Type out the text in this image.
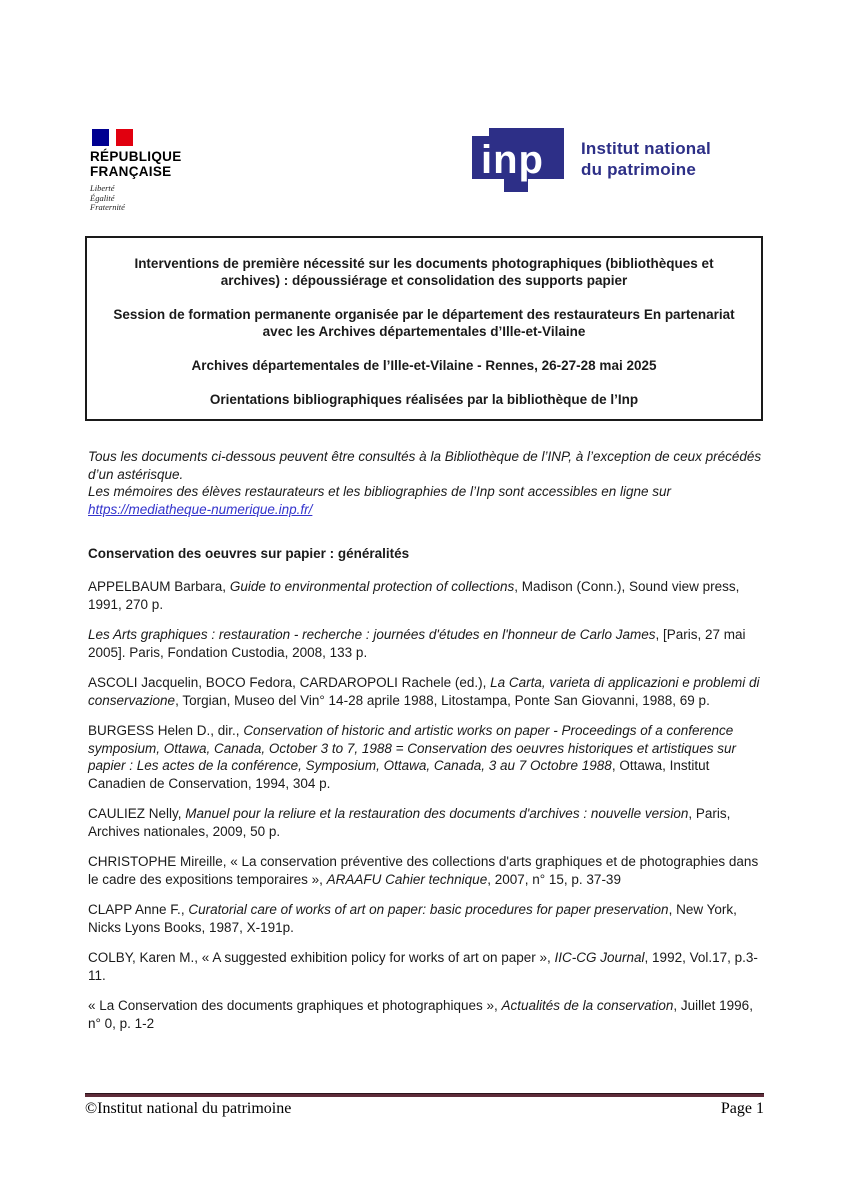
RÉPUBLIQUE
FRANÇAISE
Liberté
Égalité
Fraternité
inp Institut national
du patrimoine

Interventions de première nécessité sur les documents photographiques (bibliothèques et archives) : dépoussiérage et consolidation des supports papier

Session de formation permanente organisée par le département des restaurateurs En partenariat avec les Archives départementales d’Ille-et-Vilaine

Archives départementales de l’Ille-et-Vilaine - Rennes, 26-27-28 mai 2025

Orientations bibliographiques réalisées par la bibliothèque de l’Inp

Tous les documents ci-dessous peuvent être consultés à la Bibliothèque de l’INP, à l’exception de ceux précédés d’un astérisque.
Les mémoires des élèves restaurateurs et les bibliographies de l’Inp sont accessibles en ligne sur
https://mediatheque-numerique.inp.fr/
Conservation des oeuvres sur papier : généralités

APPELBAUM Barbara, Guide to environmental protection of collections, Madison (Conn.), Sound view press, 1991, 270 p.

Les Arts graphiques : restauration - recherche : journées d'études en l'honneur de Carlo James, [Paris, 27 mai 2005]. Paris, Fondation Custodia, 2008, 133 p.

ASCOLI Jacquelin, BOCO Fedora, CARDAROPOLI Rachele (ed.), La Carta, varieta di applicazioni e problemi di conservazione, Torgian, Museo del Vin° 14-28 aprile 1988, Litostampa, Ponte San Giovanni, 1988, 69 p.

BURGESS Helen D., dir., Conservation of historic and artistic works on paper - Proceedings of a conference symposium, Ottawa, Canada, October 3 to 7, 1988 = Conservation des oeuvres historiques et artistiques sur papier : Les actes de la conférence, Symposium, Ottawa, Canada, 3 au 7 Octobre 1988, Ottawa, Institut Canadien de Conservation, 1994, 304 p.

CAULIEZ Nelly, Manuel pour la reliure et la restauration des documents d'archives : nouvelle version, Paris, Archives nationales, 2009, 50 p.

CHRISTOPHE Mireille, « La conservation préventive des collections d'arts graphiques et de photographies dans le cadre des expositions temporaires », ARAAFU Cahier technique, 2007, n° 15, p. 37-39

CLAPP Anne F., Curatorial care of works of art on paper: basic procedures for paper preservation, New York, Nicks Lyons Books, 1987, X-191p.

COLBY, Karen M., « A suggested exhibition policy for works of art on paper », IIC-CG Journal, 1992, Vol.17, p.3-11.

« La Conservation des documents graphiques et photographiques », Actualités de la conservation, Juillet 1996, n° 0, p. 1-2

©Institut national du patrimoine	Page 1
